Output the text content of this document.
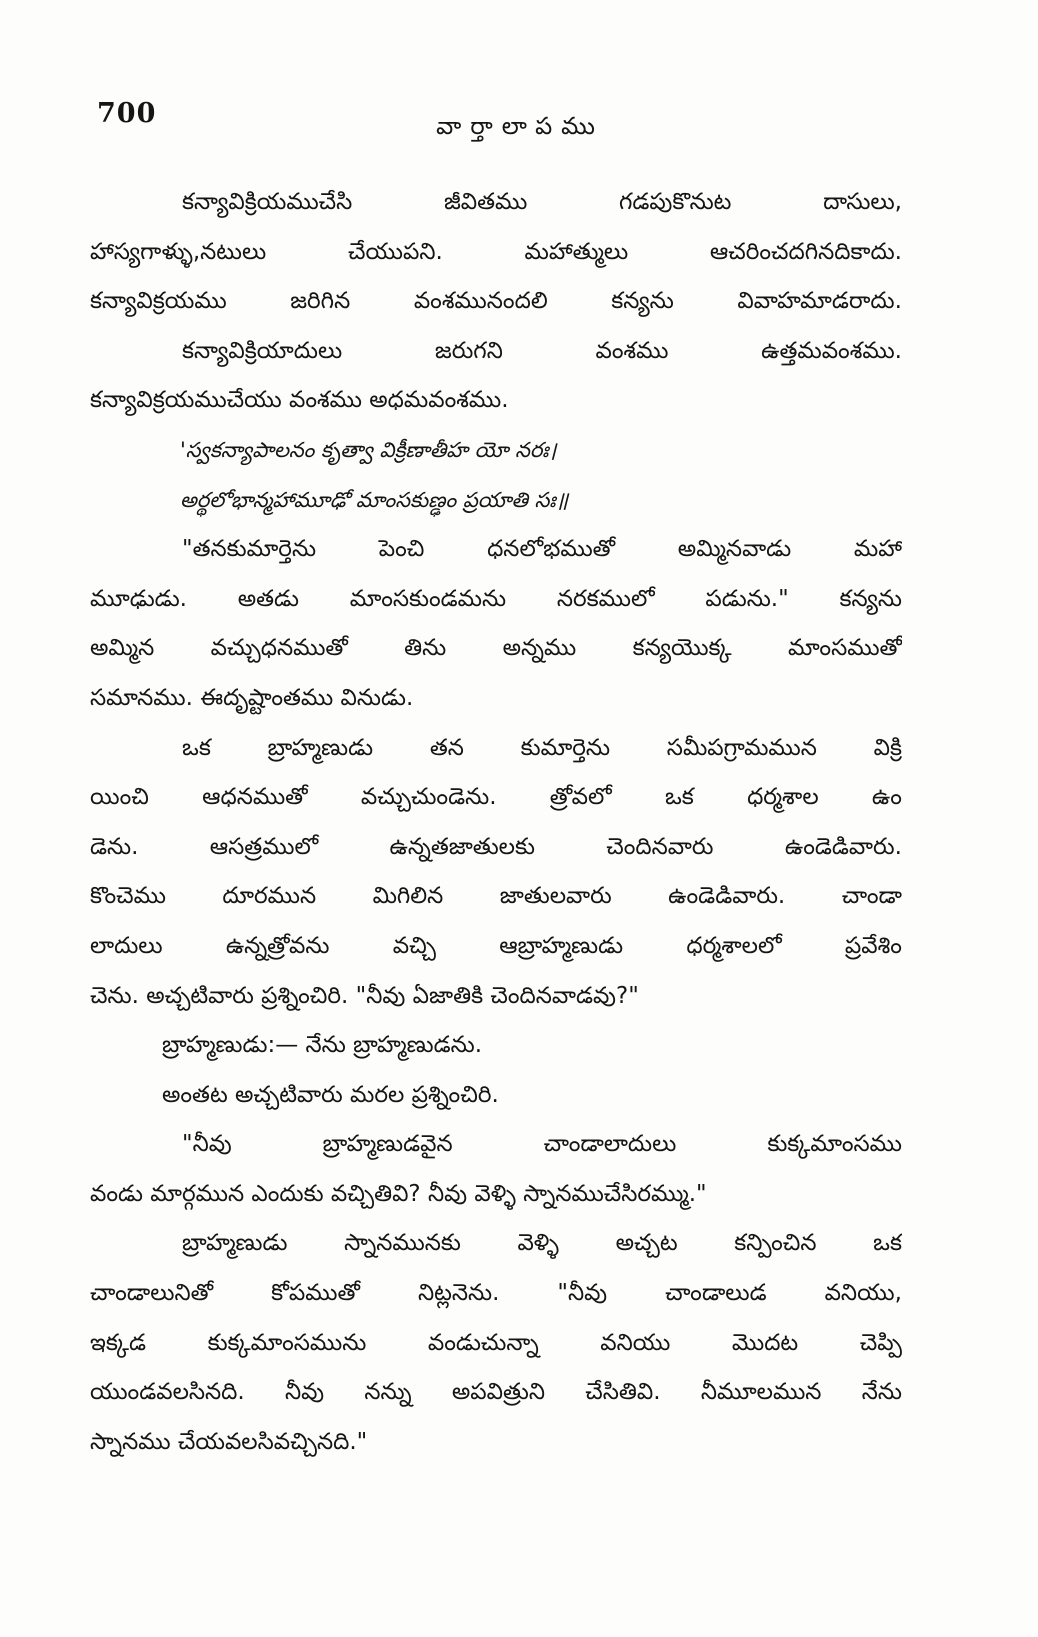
700	వార్తాలాపము
కన్యావిక్రియముచేసి	జీవితము	గడపుకొనుట	దాసులు,
హాస్యగాళ్ళు,నటులు	చేయుపని.	మహాత్ములు	ఆచరించదగినదికాదు.
కన్యావిక్రయము	జరిగిన	వంశమునందలి	కన్యను	వివాహమాడరాదు.
కన్యావిక్రియాదులు	జరుగని	వంశము	ఉత్తమవంశము.
కన్యావిక్రయముచేయు వంశము అధమవంశము.
'స్వకన్యాపాలనం కృత్వా విక్రీణాతీహ యో నరః।
అర్థలోభాన్మహామూఢో మాంసకుణ్ఢం ప్రయాతి సః॥
"తనకుమార్తెను	పెంచి	ధనలోభముతో	అమ్మినవాడు	మహా
మూఢుడు. అతడు మాంసకుండమను నరకములో పడును." కన్యను
అమ్మిన వచ్చుధనముతో తిను అన్నము కన్యయొక్క మాంసముతో
సమానము. ఈదృష్టాంతము వినుడు.
ఒక బ్రాహ్మణుడు తన కుమార్తెను సమీపగ్రామమున విక్రి
యించి ఆధనముతో వచ్చుచుండెను. త్రోవలో ఒక ధర్మశాల ఉం
డెను.	ఆసత్రములో	ఉన్నతజాతులకు	చెందినవారు	ఉండెడివారు.
కొంచెము దూరమున మిగిలిన జాతులవారు ఉండెడివారు. చాండా
లాదులు	ఉన్నత్రోవను	వచ్చి	ఆబ్రాహ్మణుడు	ధర్మశాలలో	ప్రవేశిం
చెను. అచ్చటివారు ప్రశ్నించిరి. "నీవు ఏజాతికి చెందినవాడవు?"
బ్రాహ్మణుడు:— నేను బ్రాహ్మణుడను.
అంతట అచ్చటివారు మరల ప్రశ్నించిరి.
"నీవు	బ్రాహ్మణుడవైన	చాండాలాదులు	కుక్కమాంసము
వండు మార్గమున ఎందుకు వచ్చితివి? నీవు వెళ్ళి స్నానముచేసిరమ్ము."
బ్రాహ్మణుడు స్నానమునకు వెళ్ళి అచ్చట కన్పించిన ఒక
చాండాలునితో	కోపముతో	నిట్లనెను.	"నీవు	చాండాలుడ	వనియు,
ఇక్కడ	కుక్కమాంసమును	వండుచున్నా	వనియు	మొదట	చెప్పి
యుండవలసినది. నీవు నన్ను అపవిత్రుని చేసితివి. నీమూలమున నేను
స్నానము చేయవలసివచ్చినది."
